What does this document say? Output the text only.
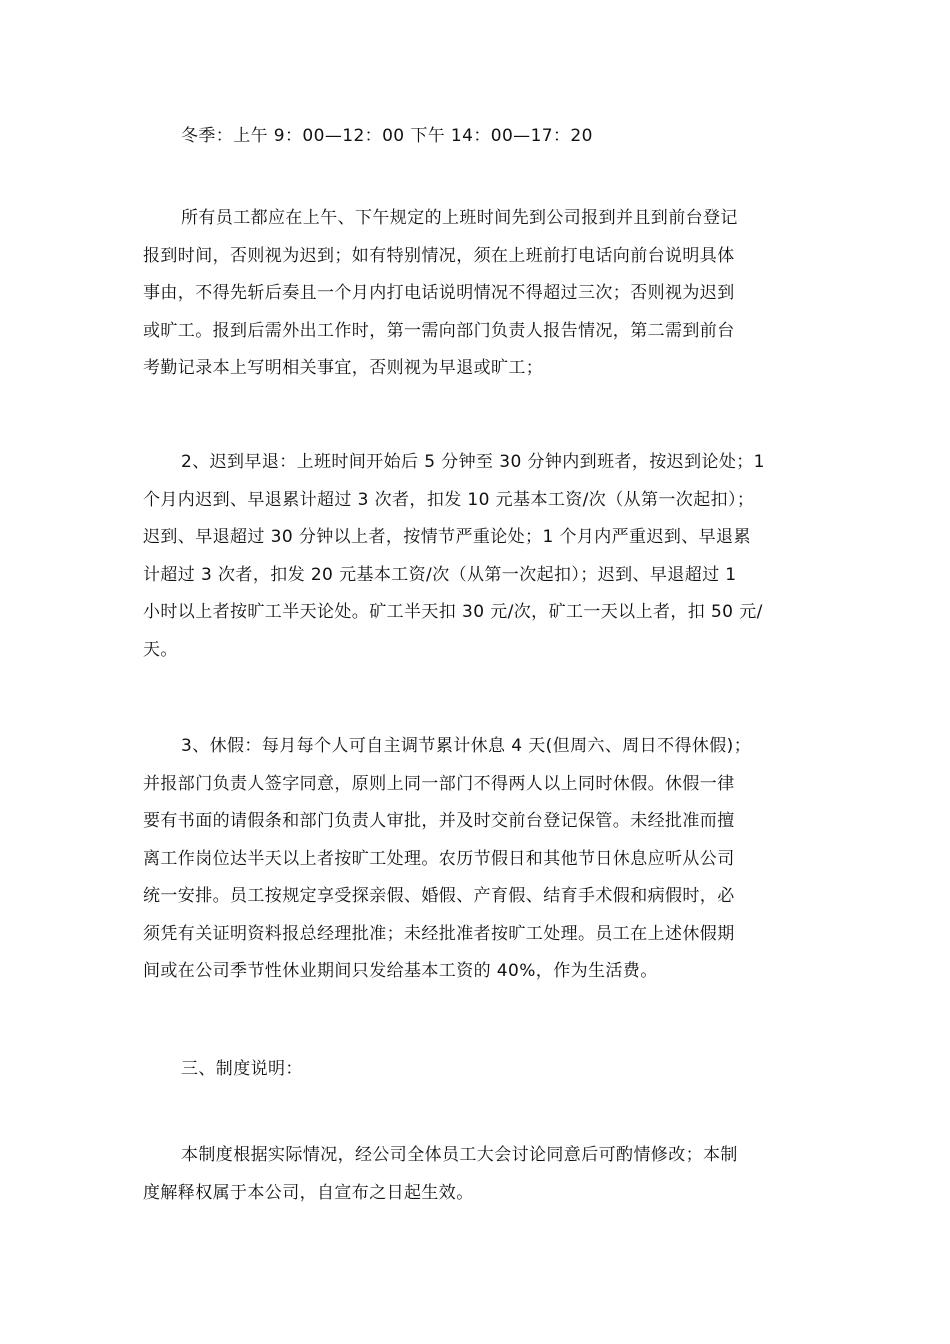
冬季：上午 9：00—12：00 下午 14：00—17：20
所有员工都应在上午、下午规定的上班时间先到公司报到并且到前台登记
报到时间，否则视为迟到；如有特别情况，须在上班前打电话向前台说明具体
事由，不得先斩后奏且一个月内打电话说明情况不得超过三次；否则视为迟到
或旷工。报到后需外出工作时，第一需向部门负责人报告情况，第二需到前台
考勤记录本上写明相关事宜，否则视为早退或旷工；
2、迟到早退：上班时间开始后 5 分钟至 30 分钟内到班者，按迟到论处；1
个月内迟到、早退累计超过 3 次者，扣发 10 元基本工资/次（从第一次起扣）；
迟到、早退超过 30 分钟以上者，按情节严重论处；1 个月内严重迟到、早退累
计超过 3 次者，扣发 20 元基本工资/次（从第一次起扣）；迟到、早退超过 1
小时以上者按旷工半天论处。矿工半天扣 30 元/次，矿工一天以上者，扣 50 元/
天。
3、休假：每月每个人可自主调节累计休息 4 天(但周六、周日不得休假)；
并报部门负责人签字同意，原则上同一部门不得两人以上同时休假。休假一律
要有书面的请假条和部门负责人审批，并及时交前台登记保管。未经批准而擅
离工作岗位达半天以上者按旷工处理。农历节假日和其他节日休息应听从公司
统一安排。员工按规定享受探亲假、婚假、产育假、结育手术假和病假时，必
须凭有关证明资料报总经理批准；未经批准者按旷工处理。员工在上述休假期
间或在公司季节性休业期间只发给基本工资的 40%，作为生活费。
三、制度说明：
本制度根据实际情况，经公司全体员工大会讨论同意后可酌情修改；本制
度解释权属于本公司，自宣布之日起生效。
